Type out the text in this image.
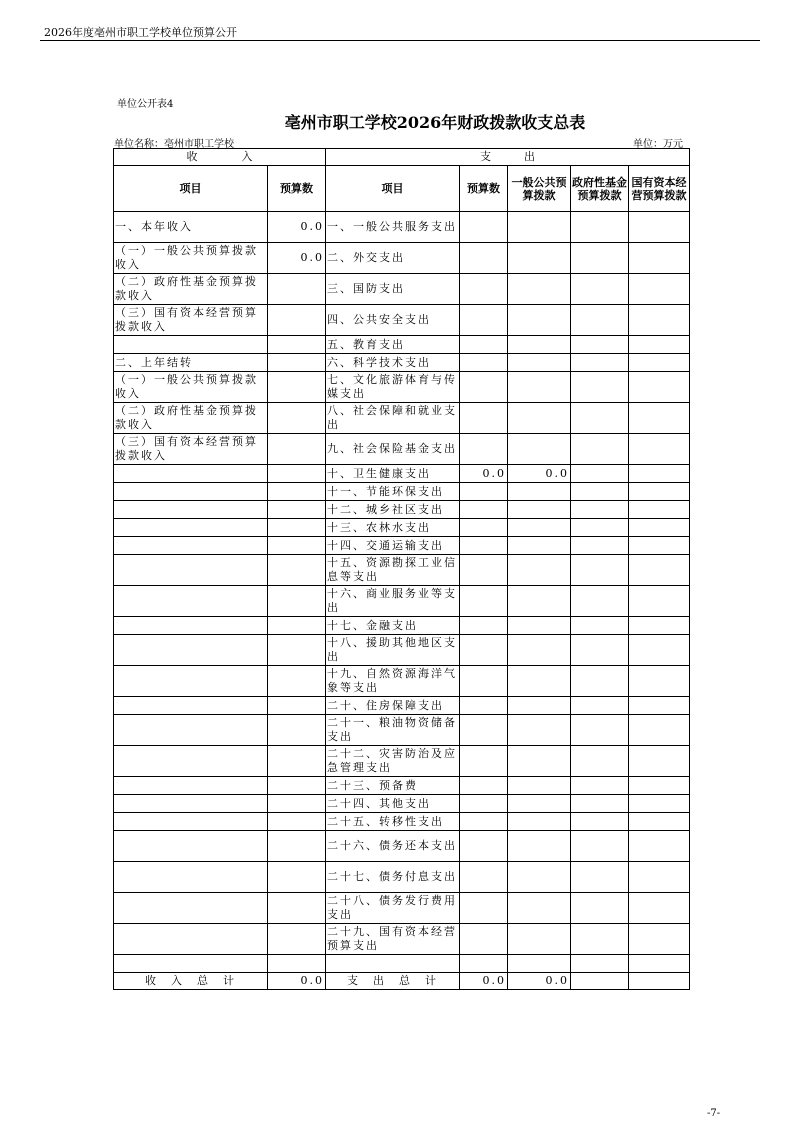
2026年度亳州市职工学校单位预算公开
单位公开表4
亳州市职工学校2026年财政拨款收支总表
单位名称：亳州市职工学校	单位：万元
收　　　　入		支　　　出				
项目	预算数	项目	预算数	一般公共预算拨款	政府性基金预算拨款	国有资本经营预算拨款
一、本年收入	0.0	一、一般公共服务支出				
（一）一般公共预算拨款收入	0.0	二、外交支出				
（二）政府性基金预算拨款收入		三、国防支出				
（三）国有资本经营预算拨款收入		四、公共安全支出				
		五、教育支出				
二、上年结转		六、科学技术支出				
（一）一般公共预算拨款收入		七、文化旅游体育与传媒支出				
（二）政府性基金预算拨款收入		八、社会保障和就业支出				
（三）国有资本经营预算拨款收入		九、社会保险基金支出				
		十、卫生健康支出	0.0	0.0		
		十一、节能环保支出				
		十二、城乡社区支出				
		十三、农林水支出				
		十四、交通运输支出				
		十五、资源勘探工业信息等支出				
		十六、商业服务业等支出				
		十七、金融支出				
		十八、援助其他地区支出				
		十九、自然资源海洋气象等支出				
		二十、住房保障支出				
		二十一、粮油物资储备支出				
		二十二、灾害防治及应急管理支出				
		二十三、预备费				
		二十四、其他支出				
		二十五、转移性支出				
		二十六、债务还本支出				
		二十七、债务付息支出				
		二十八、债务发行费用支出				
		二十九、国有资本经营预算支出				

收　入　总　计	0.0	支　出　总　计	0.0	0.0		
-7-
